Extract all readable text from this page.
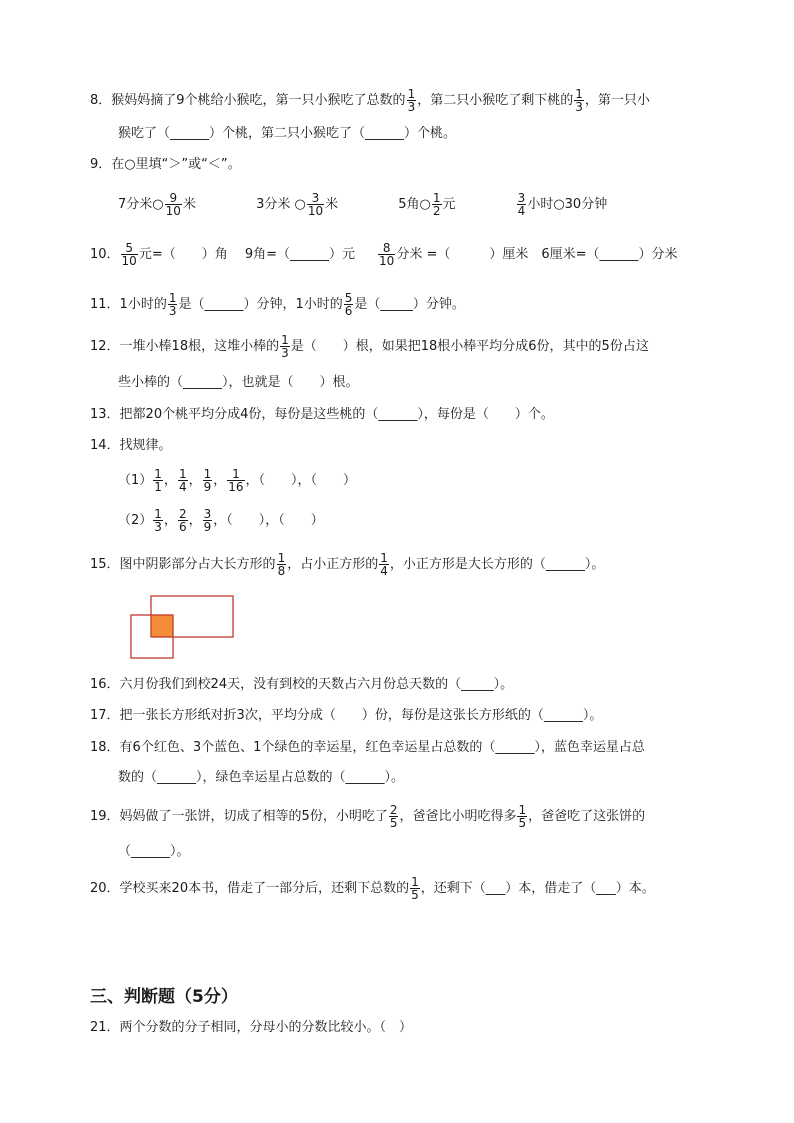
8．猴妈妈摘了9个桃给小猴吃，第一只小猴吃了总数的 $\frac{1}{3}$ ，第二只小猴吃了剩下桃的 $\frac{1}{3}$ ，第一只小
猴吃了（______）个桃，第二只小猴吃了（______）个桃。
9．在○里填“＞”或“＜”。
7分米○ $\frac{9}{10}$ 米	3分米 ○ $\frac{3}{10}$ 米	5角○ $\frac{1}{2}$ 元	$\frac{3}{4}$ 小时○30分钟
10． $\frac{5}{10}$ 元=（　　）角　 9角=（______）元 $\frac{8}{10}$ 分米 =（　　　）厘米　6厘米=（______）分米
11．1小时的 $\frac{1}{3}$ 是（______）分钟，1小时的 $\frac{5}{6}$ 是（_____）分钟。
12．一堆小棒18根，这堆小棒的 $\frac{1}{3}$ 是（　　）根，如果把18根小棒平均分成6份，其中的5份占这
些小棒的（______），也就是（　　）根。
13．把都20个桃平均分成4份，每份是这些桃的（______），每份是（　　）个。
14．找规律。
$(1) \frac{1}{1}$ ， $\frac{1}{4}$ ， $\frac{1}{9}$ ， $\frac{1}{16}$ ，（　　），（　　）
$(2) \frac{1}{3}$ ， $\frac{2}{6}$ ， $\frac{3}{9}$ ，（　　），（　　）
15．图中阴影部分占大长方形的 $\frac{1}{8}$ ，占小正方形的 $\frac{1}{4}$ ，小正方形是大长方形的（______）。
16．六月份我们到校24天，没有到校的天数占六月份总天数的（_____）。
17．把一张长方形纸对折3次，平均分成（　　）份，每份是这张长方形纸的（______）。
18．有6个红色、3个蓝色、1个绿色的幸运星，红色幸运星占总数的（______），蓝色幸运星占总
数的（______），绿色幸运星占总数的（______）。
19．妈妈做了一张饼，切成了相等的5份，小明吃了 $\frac{2}{5}$ ，爸爸比小明吃得多 $\frac{1}{5}$ ，爸爸吃了这张饼的
（______）。
20．学校买来20本书，借走了一部分后，还剩下总数的 $\frac{1}{5}$ ，还剩下（___）本，借走了（___）本。
三、判断题（5分）
21．两个分数的分子相同，分母小的分数比较小。（　）
